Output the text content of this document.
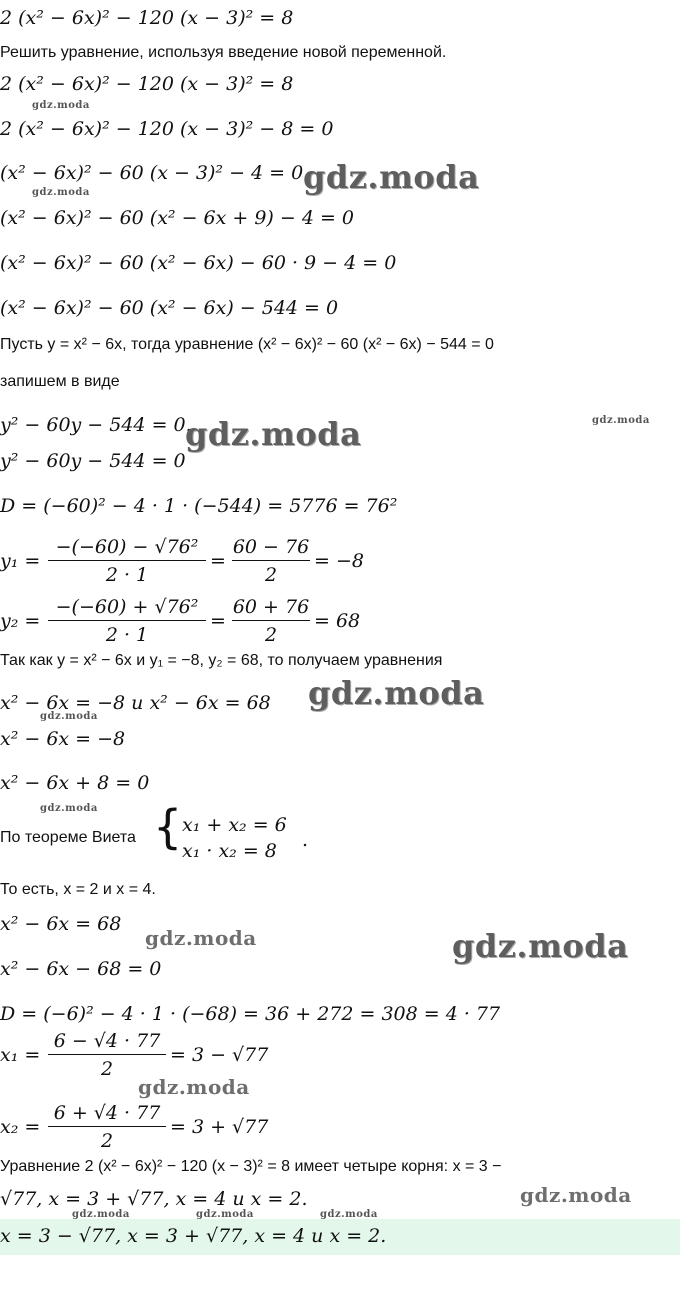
2 (x² − 6x)² − 120 (x − 3)² = 8
Решить уравнение, используя введение новой переменной.
2 (x² − 6x)² − 120 (x − 3)² = 8
2 (x² − 6x)² − 120 (x − 3)² − 8 = 0
(x² − 6x)² − 60 (x − 3)² − 4 = 0
(x² − 6x)² − 60 (x² − 6x + 9) − 4 = 0
(x² − 6x)² − 60 (x² − 6x) − 60 · 9 − 4 = 0
(x² − 6x)² − 60 (x² − 6x) − 544 = 0
Пусть y = x² − 6x, тогда уравнение (x² − 6x)² − 60 (x² − 6x) − 544 = 0
запишем в виде
y² − 60y − 544 = 0.
y² − 60y − 544 = 0
D = (−60)² − 4 · 1 · (−544) = 5776 = 76²
y₁ =
−(−60) − √76²
2 · 1
=
60 − 76
2
= −8
y₂ =
−(−60) + √76²
2 · 1
=
60 + 76
2
= 68
Так как y = x² − 6x и y₁ = −8, y₂ = 68, то получаем уравнения
x² − 6x = −8 и x² − 6x = 68
x² − 6x = −8
x² − 6x + 8 = 0
По теореме Виета { x₁ + x₂ = 6
x₁ · x₂ = 8 .
То есть, x = 2 и x = 4.
x² − 6x = 68
x² − 6x − 68 = 0
D = (−6)² − 4 · 1 · (−68) = 36 + 272 = 308 = 4 · 77
x₁ =
6 − √4 · 77
2
= 3 − √77
x₂ =
6 + √4 · 77
2
= 3 + √77
Уравнение 2 (x² − 6x)² − 120 (x − 3)² = 8 имеет четыре корня: x = 3 −
√77, x = 3 + √77, x = 4 и x = 2.
x = 3 − √77, x = 3 + √77, x = 4 и x = 2.
gdz.moda
gdz.moda
gdz.moda
gdz.moda
gdz.moda
gdz.moda
gdz.moda
gdz.moda
gdz.moda
gdz.moda
gdz.moda
gdz.moda
gdz.moda	gdz.moda	gdz.moda
